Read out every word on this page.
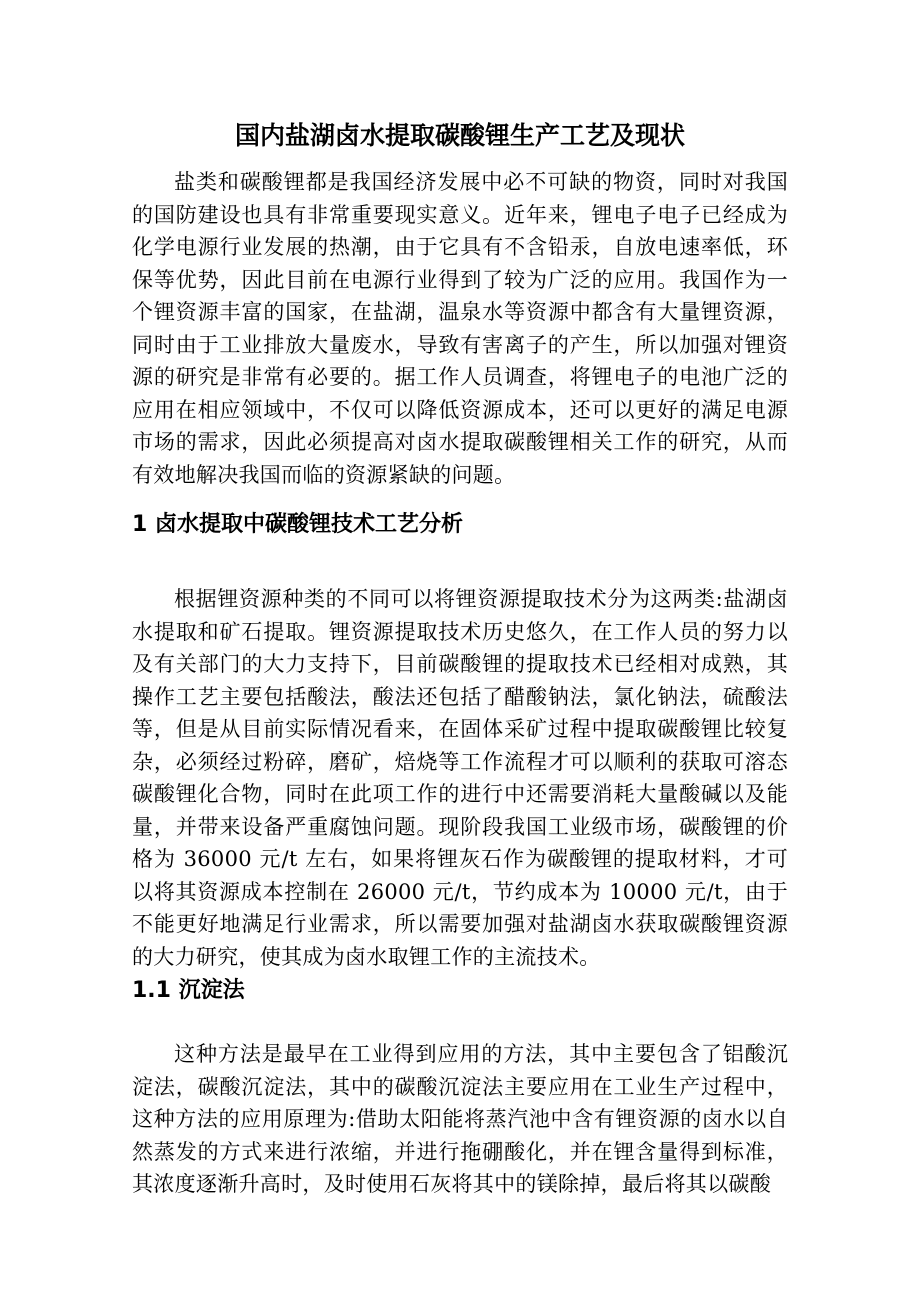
国内盐湖卤水提取碳酸锂生产工艺及现状

盐类和碳酸锂都是我国经济发展中必不可缺的物资，同时对我国的国防建设也具有非常重要现实意义。近年来，锂电子电子已经成为化学电源行业发展的热潮，由于它具有不含铅汞，自放电速率低，环保等优势，因此目前在电源行业得到了较为广泛的应用。我国作为一个锂资源丰富的国家，在盐湖，温泉水等资源中都含有大量锂资源，同时由于工业排放大量废水，导致有害离子的产生，所以加强对锂资源的研究是非常有必要的。据工作人员调查，将锂电子的电池广泛的应用在相应领域中，不仅可以降低资源成本，还可以更好的满足电源市场的需求，因此必须提高对卤水提取碳酸锂相关工作的研究，从而有效地解决我国而临的资源紧缺的问题。

1 卤水提取中碳酸锂技术工艺分析

根据锂资源种类的不同可以将锂资源提取技术分为这两类:盐湖卤水提取和矿石提取。锂资源提取技术历史悠久，在工作人员的努力以及有关部门的大力支持下，目前碳酸锂的提取技术已经相对成熟，其操作工艺主要包括酸法，酸法还包括了醋酸钠法，氯化钠法，硫酸法等，但是从目前实际情况看来，在固体采矿过程中提取碳酸锂比较复杂，必须经过粉碎，磨矿，焙烧等工作流程才可以顺利的获取可溶态碳酸锂化合物，同时在此项工作的进行中还需要消耗大量酸碱以及能量，并带来设备严重腐蚀问题。现阶段我国工业级市场，碳酸锂的价格为 36000 元/t 左右，如果将锂灰石作为碳酸锂的提取材料，才可以将其资源成本控制在 26000 元/t，节约成本为 10000 元/t，由于不能更好地满足行业需求，所以需要加强对盐湖卤水获取碳酸锂资源的大力研究，使其成为卤水取锂工作的主流技术。

1.1 沉淀法

这种方法是最早在工业得到应用的方法，其中主要包含了铝酸沉淀法，碳酸沉淀法，其中的碳酸沉淀法主要应用在工业生产过程中，这种方法的应用原理为:借助太阳能将蒸汽池中含有锂资源的卤水以自然蒸发的方式来进行浓缩，并进行拖硼酸化，并在锂含量得到标准，其浓度逐渐升高时，及时使用石灰将其中的镁除掉，最后将其以碳酸
